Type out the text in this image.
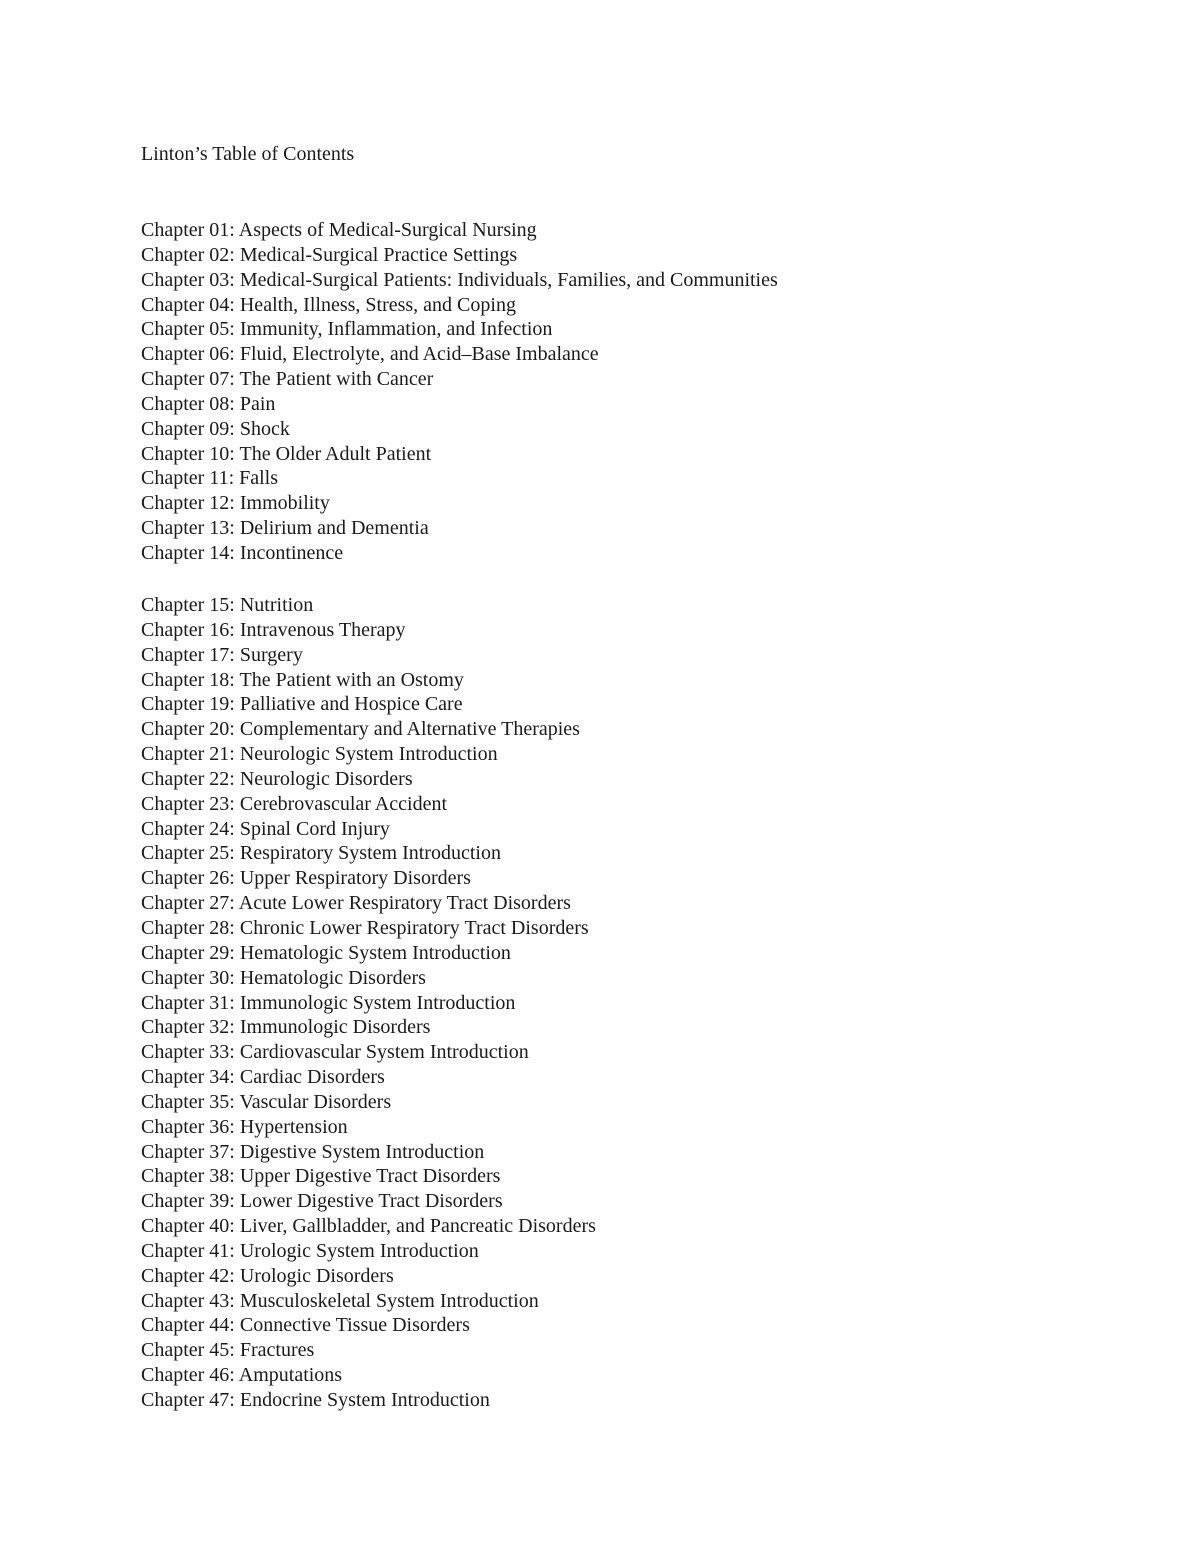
Linton’s Table of Contents
Chapter 01: Aspects of Medical-Surgical Nursing
Chapter 02: Medical-Surgical Practice Settings
Chapter 03: Medical-Surgical Patients: Individuals, Families, and Communities
Chapter 04: Health, Illness, Stress, and Coping
Chapter 05: Immunity, Inflammation, and Infection
Chapter 06: Fluid, Electrolyte, and Acid–Base Imbalance
Chapter 07: The Patient with Cancer
Chapter 08: Pain
Chapter 09: Shock
Chapter 10: The Older Adult Patient
Chapter 11: Falls
Chapter 12: Immobility
Chapter 13: Delirium and Dementia
Chapter 14: Incontinence
Chapter 15: Nutrition
Chapter 16: Intravenous Therapy
Chapter 17: Surgery
Chapter 18: The Patient with an Ostomy
Chapter 19: Palliative and Hospice Care
Chapter 20: Complementary and Alternative Therapies
Chapter 21: Neurologic System Introduction
Chapter 22: Neurologic Disorders
Chapter 23: Cerebrovascular Accident
Chapter 24: Spinal Cord Injury
Chapter 25: Respiratory System Introduction
Chapter 26: Upper Respiratory Disorders
Chapter 27: Acute Lower Respiratory Tract Disorders
Chapter 28: Chronic Lower Respiratory Tract Disorders
Chapter 29: Hematologic System Introduction
Chapter 30: Hematologic Disorders
Chapter 31: Immunologic System Introduction
Chapter 32: Immunologic Disorders
Chapter 33: Cardiovascular System Introduction
Chapter 34: Cardiac Disorders
Chapter 35: Vascular Disorders
Chapter 36: Hypertension
Chapter 37: Digestive System Introduction
Chapter 38: Upper Digestive Tract Disorders
Chapter 39: Lower Digestive Tract Disorders
Chapter 40: Liver, Gallbladder, and Pancreatic Disorders
Chapter 41: Urologic System Introduction
Chapter 42: Urologic Disorders
Chapter 43: Musculoskeletal System Introduction
Chapter 44: Connective Tissue Disorders
Chapter 45: Fractures
Chapter 46: Amputations
Chapter 47: Endocrine System Introduction
